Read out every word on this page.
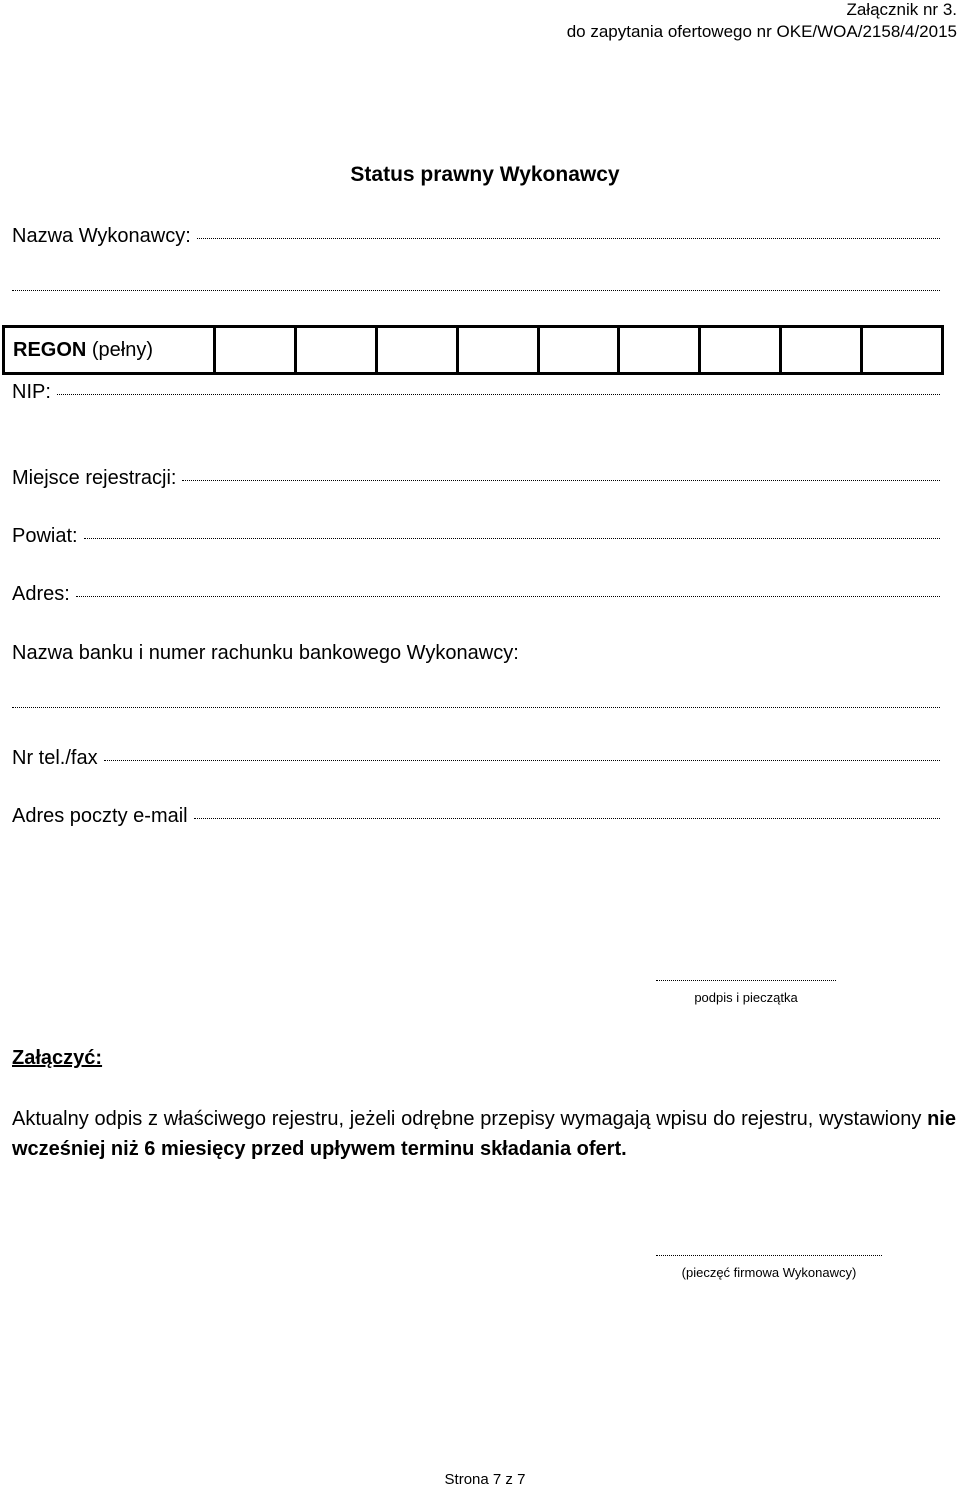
Załącznik nr 3.
do zapytania ofertowego nr OKE/WOA/2158/4/2015
Status prawny Wykonawcy
Nazwa Wykonawcy:
REGON (pełny)
NIP:
Miejsce rejestracji:
Powiat:
Adres:
Nazwa banku i numer rachunku bankowego Wykonawcy:
Nr tel./fax
Adres poczty e-mail
podpis i pieczątka
Załączyć:
Aktualny odpis z właściwego rejestru, jeżeli odrębne przepisy wymagają wpisu do rejestru, wystawiony nie wcześniej niż 6 miesięcy przed upływem terminu składania ofert.
(pieczęć firmowa Wykonawcy)
Strona 7 z 7
